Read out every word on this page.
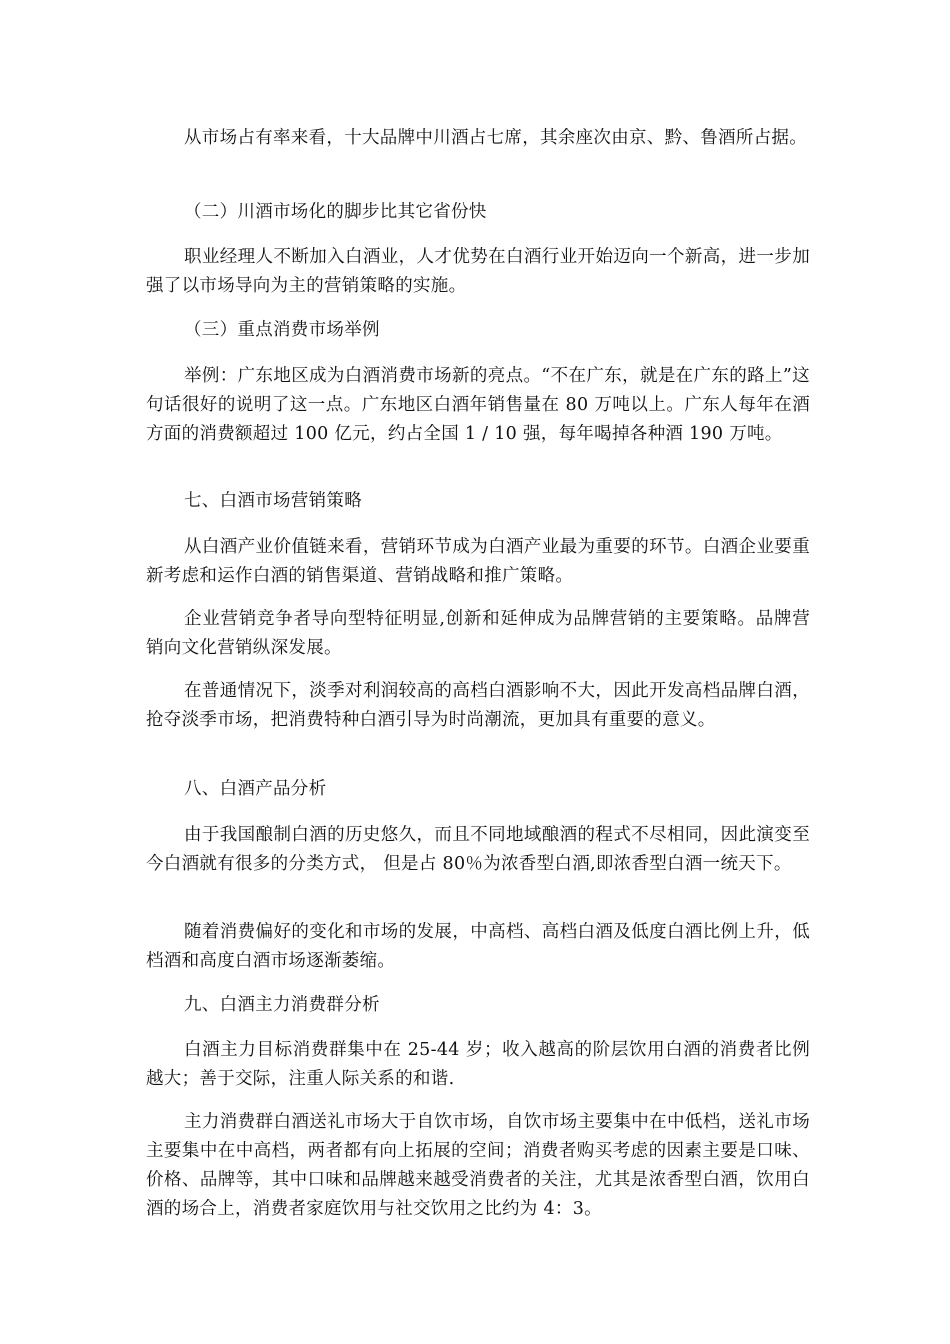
从市场占有率来看，十大品牌中川酒占七席，其余座次由京、黔、鲁酒所占据。

（二）川酒市场化的脚步比其它省份快

职业经理人不断加入白酒业，人才优势在白酒行业开始迈向一个新高，进一步加强了以市场导向为主的营销策略的实施。

（三）重点消费市场举例

举例：广东地区成为白酒消费市场新的亮点。“不在广东，就是在广东的路上”这句话很好的说明了这一点。广东地区白酒年销售量在 80 万吨以上。广东人每年在酒方面的消费额超过 100 亿元，约占全国 1 / 10 强，每年喝掉各种酒 190 万吨。

七、白酒市场营销策略

从白酒产业价值链来看，营销环节成为白酒产业最为重要的环节。白酒企业要重新考虑和运作白酒的销售渠道、营销战略和推广策略。

企业营销竞争者导向型特征明显,创新和延伸成为品牌营销的主要策略。品牌营销向文化营销纵深发展。

在普通情况下，淡季对利润较高的高档白酒影响不大，因此开发高档品牌白酒，抢夺淡季市场，把消费特种白酒引导为时尚潮流，更加具有重要的意义。

八、白酒产品分析

由于我国酿制白酒的历史悠久，而且不同地域酿酒的程式不尽相同，因此演变至今白酒就有很多的分类方式， 但是占 80％为浓香型白酒,即浓香型白酒一统天下。

随着消费偏好的变化和市场的发展，中高档、高档白酒及低度白酒比例上升，低档酒和高度白酒市场逐渐萎缩。

九、白酒主力消费群分析

白酒主力目标消费群集中在 25-44 岁；收入越高的阶层饮用白酒的消费者比例越大；善于交际，注重人际关系的和谐.

主力消费群白酒送礼市场大于自饮市场，自饮市场主要集中在中低档，送礼市场主要集中在中高档，两者都有向上拓展的空间；消费者购买考虑的因素主要是口味、价格、品牌等，其中口味和品牌越来越受消费者的关注，尤其是浓香型白酒，饮用白酒的场合上，消费者家庭饮用与社交饮用之比约为 4：3。
